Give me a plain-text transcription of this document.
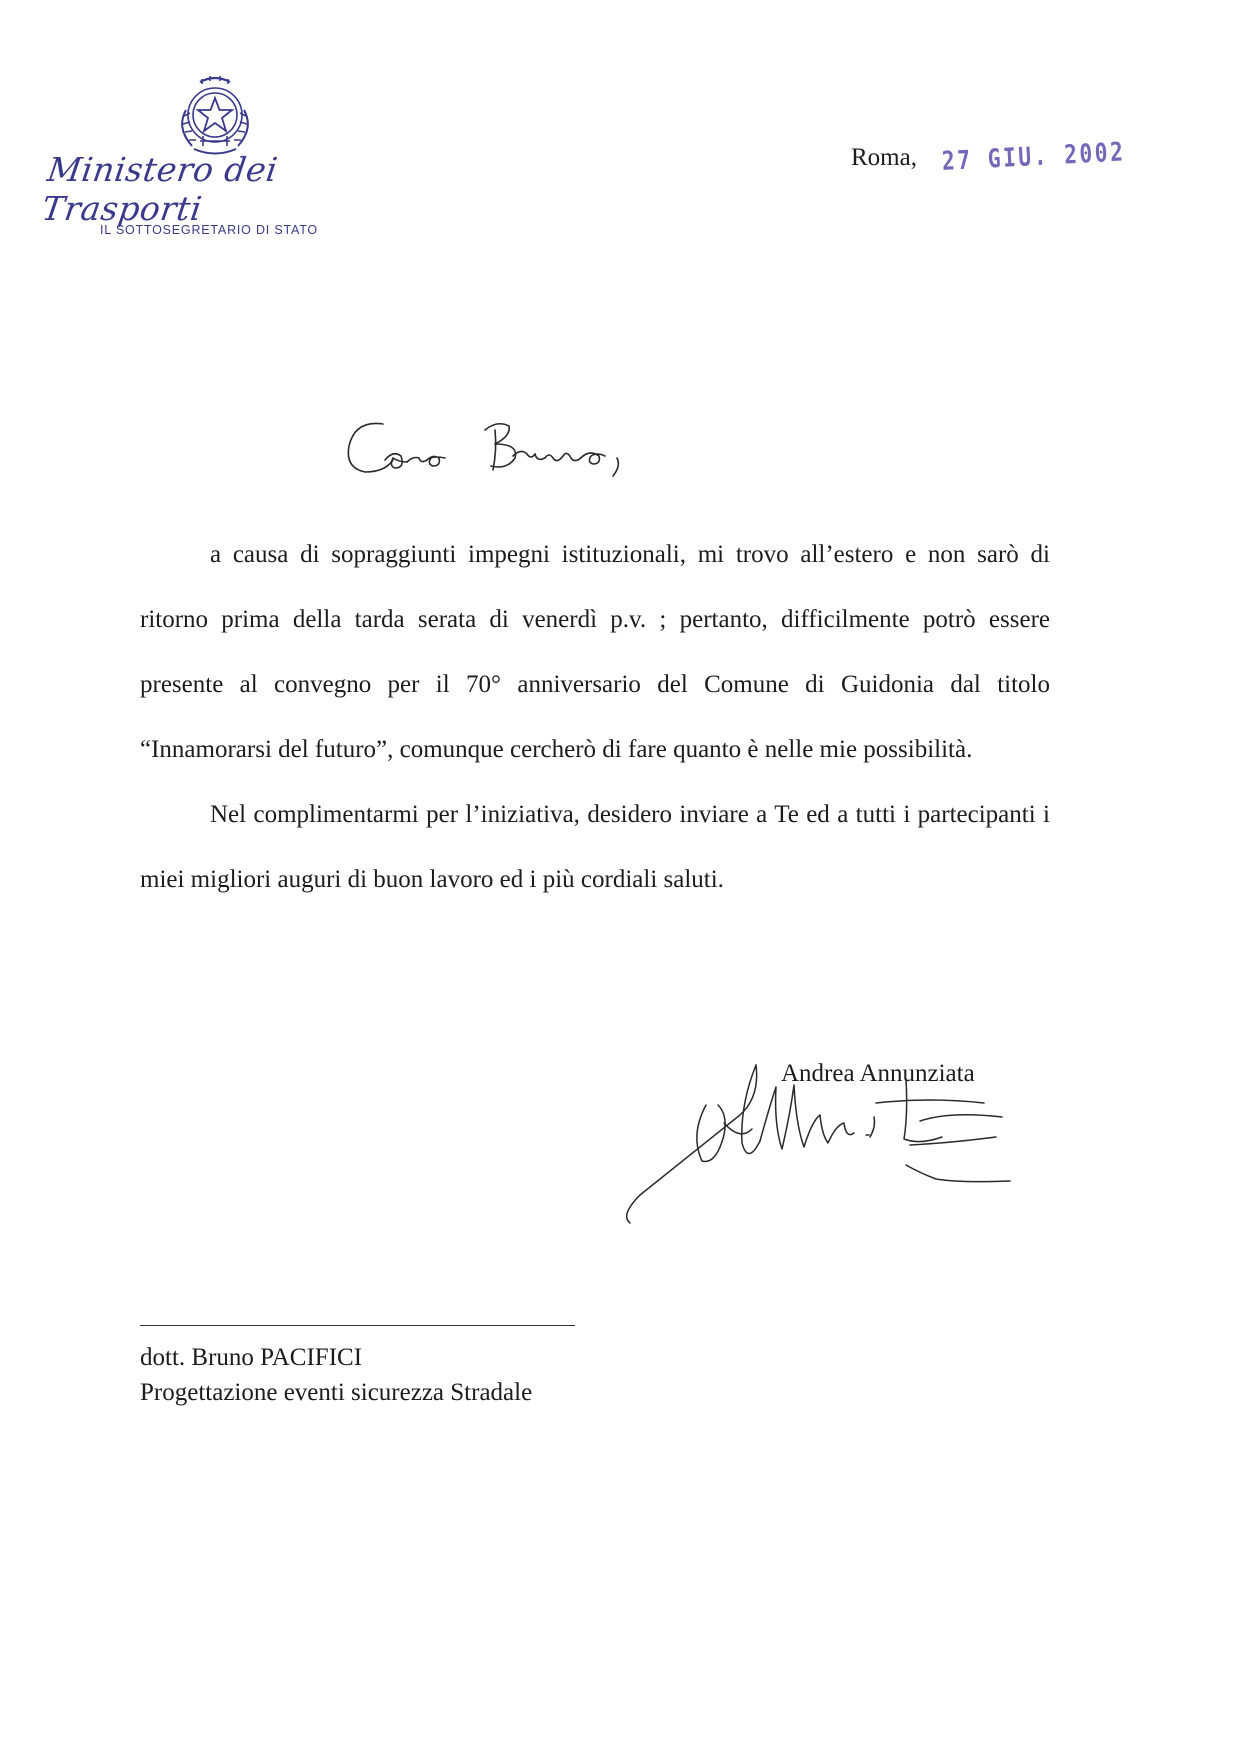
Ministero dei Trasporti
IL SOTTOSEGRETARIO DI STATO
Roma, 27 GIU. 2002

a causa di sopraggiunti impegni istituzionali, mi trovo all’estero e non sarò di ritorno prima della tarda serata di venerdì p.v. ; pertanto, difficilmente potrò essere presente al convegno per il 70° anniversario del Comune di Guidonia dal titolo “Innamorarsi del futuro”, comunque cercherò di fare quanto è nelle mie possibilità.

Nel complimentarmi per l’iniziativa, desidero inviare a Te ed a tutti i partecipanti i miei migliori auguri di buon lavoro ed i più cordiali saluti.

Andrea Annunziata
dott. Bruno PACIFICI
Progettazione eventi sicurezza Stradale
